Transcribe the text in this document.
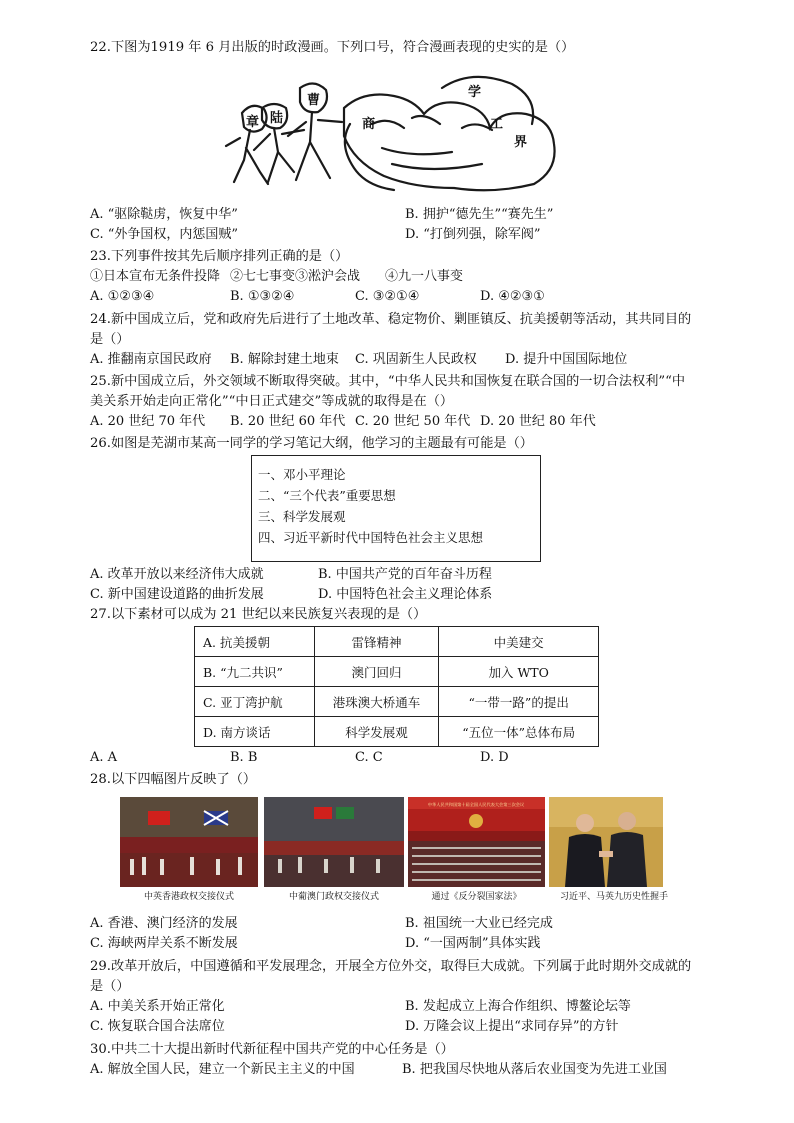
22.下图为1919 年 6 月出版的时政漫画。下列口号，符合漫画表现的史实的是（）
章 陆
曹
学
商	工
界
A. “驱除鞑虏，恢复中华”	B. 拥护“德先生”“赛先生”
C. “外争国权，内惩国贼”	D. “打倒列强，除军阀”
23.下列事件按其先后顺序排列正确的是（）
①日本宣布无条件投降 ②七七事变③淞沪会战	④九一八事变
A. ①②③④	B. ①③②④	C. ③②①④	D. ④②③①
24.新中国成立后，党和政府先后进行了土地改革、稳定物价、剿匪镇反、抗美援朝等活动，其共同目的
是（）
A. 推翻南京国民政府	B. 解除封建土地束	C. 巩固新生人民政权	D. 提升中国国际地位
25.新中国成立后，外交领域不断取得突破。其中，“中华人民共和国恢复在联合国的一切合法权利”“中
美关系开始走向正常化”“中日正式建交”等成就的取得是在（）
A. 20 世纪 70 年代	B. 20 世纪 60 年代 C. 20 世纪 50 年代 D. 20 世纪 80 年代
26.如图是芜湖市某高一同学的学习笔记大纲，他学习的主题最有可能是（）
一、邓小平理论
二、“三个代表”重要思想
三、科学发展观
四、习近平新时代中国特色社会主义思想
A. 改革开放以来经济伟大成就	B. 中国共产党的百年奋斗历程
C. 新中国建设道路的曲折发展	D. 中国特色社会主义理论体系
27.以下素材可以成为 21 世纪以来民族复兴表现的是（）
A. 抗美援朝	雷锋精神	中美建交
B. “九二共识”	澳门回归	加入 WTO
C. 亚丁湾护航	港珠澳大桥通车	“一带一路”的提出
D. 南方谈话	科学发展观	“五位一体”总体布局
A. A	B. B	C. C	D. D
28.以下四幅图片反映了（）
中华人民共和国第十届全国人民代表大会第三次会议
中英香港政权交接仪式	中葡澳门政权交接仪式	通过《反分裂国家法》	习近平、马英九历史性握手
A. 香港、澳门经济的发展	B. 祖国统一大业已经完成
C. 海峡两岸关系不断发展	D. “一国两制”具体实践
29.改革开放后，中国遵循和平发展理念，开展全方位外交，取得巨大成就。下列属于此时期外交成就的
是（）
A. 中美关系开始正常化	B. 发起成立上海合作组织、博鳌论坛等
C. 恢复联合国合法席位	D. 万隆会议上提出“求同存异”的方针
30.中共二十大提出新时代新征程中国共产党的中心任务是（）
A. 解放全国人民，建立一个新民主主义的中国	B. 把我国尽快地从落后农业国变为先进工业国
